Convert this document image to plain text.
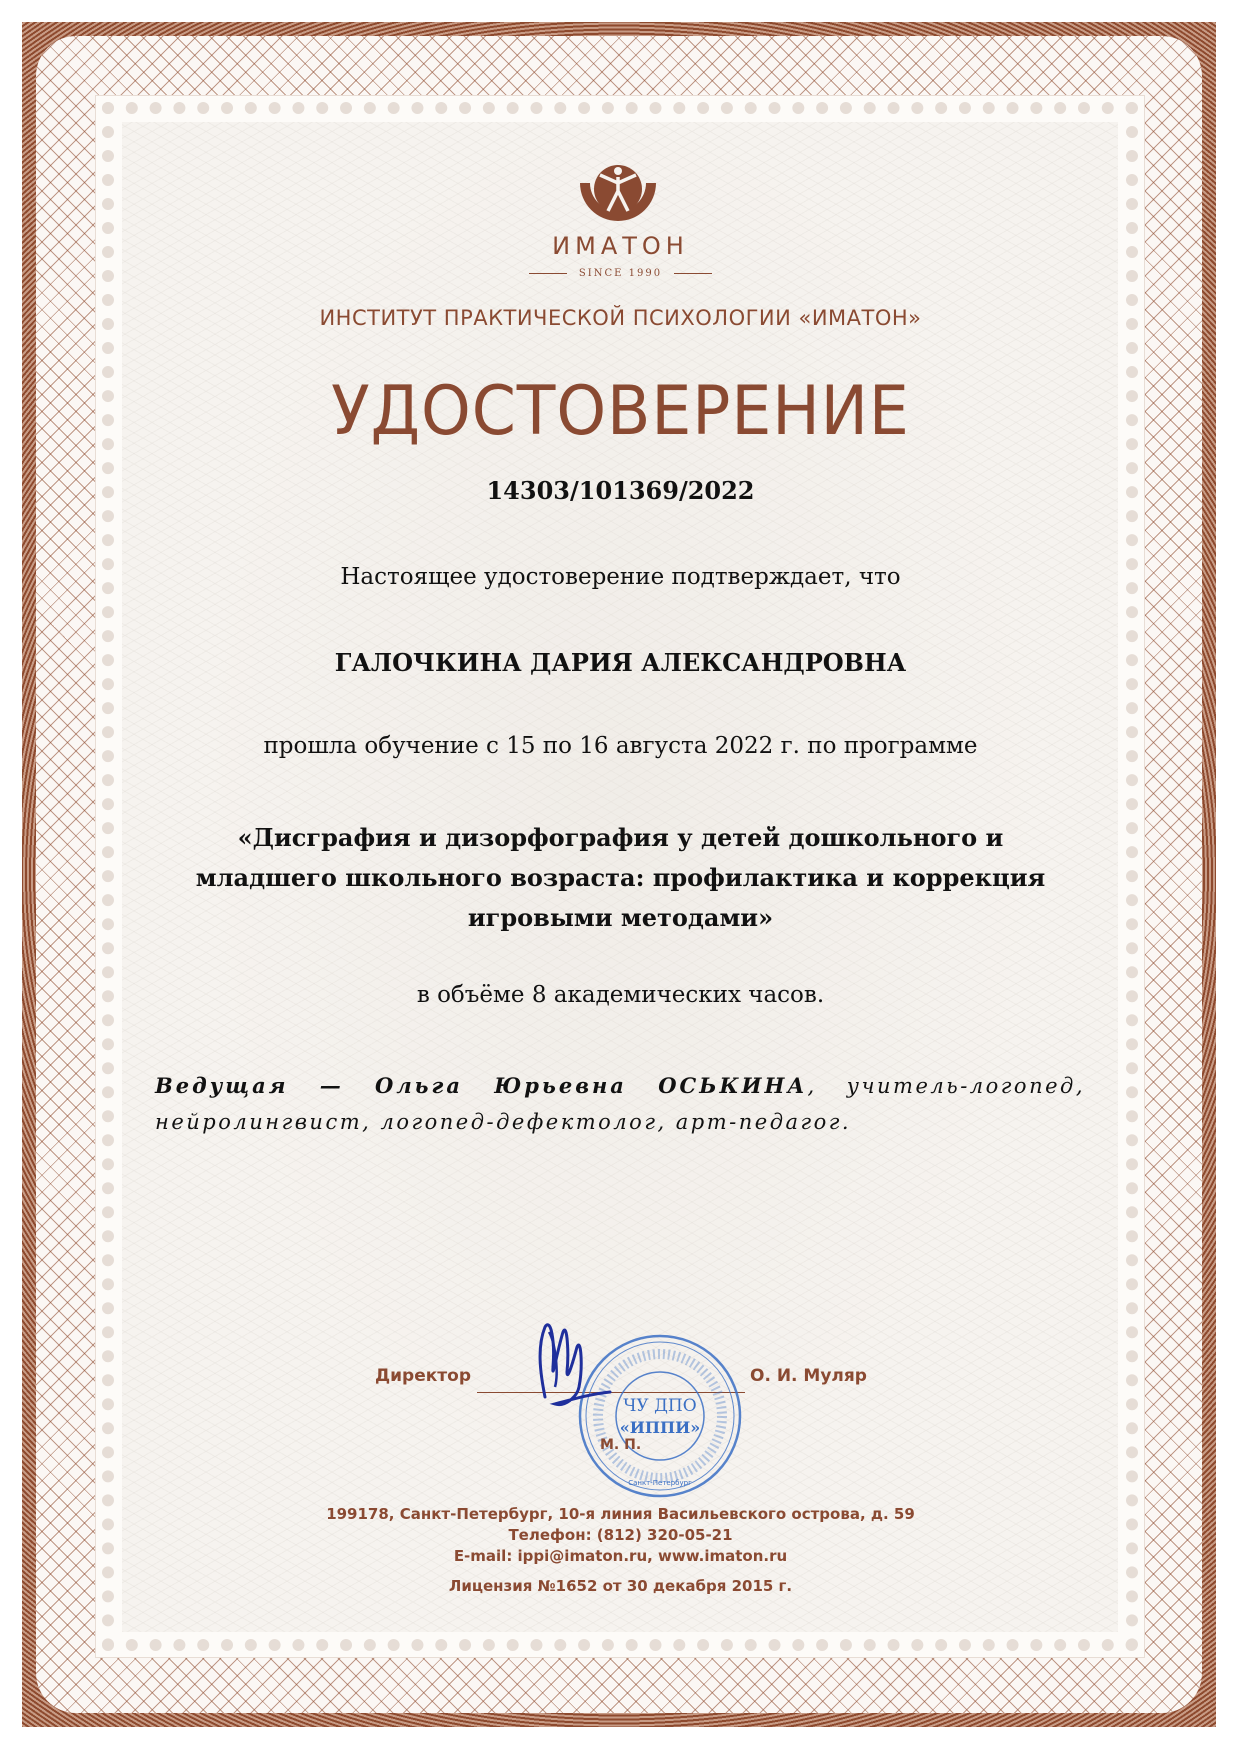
ИМАТОН
SINCE 1990
ИНСТИТУТ ПРАКТИЧЕСКОЙ ПСИХОЛОГИИ «ИМАТОН»
УДОСТОВЕРЕНИЕ
14303/101369/2022
Настоящее удостоверение подтверждает, что
ГАЛОЧКИНА ДАРИЯ АЛЕКСАНДРОВНА
прошла обучение с 15 по 16 августа 2022 г. по программе
«Дисграфия и дизорфография у детей дошкольного и
младшего школьного возраста: профилактика и коррекция
игровыми методами»
в объёме 8 академических часов.
Ведущая — Ольга Юрьевна ОСЬКИНА, учитель-логопед, нейролингвист, логопед-дефектолог, арт-педагог.
Директор	О. И. Муляр
ЧУ ДПО
«ИППИ»
Санкт-Петербург
М. П.
199178, Санкт-Петербург, 10-я линия Васильевского острова, д. 59
Телефон: (812) 320-05-21
E-mail: ippi@imaton.ru, www.imaton.ru
Лицензия №1652 от 30 декабря 2015 г.
